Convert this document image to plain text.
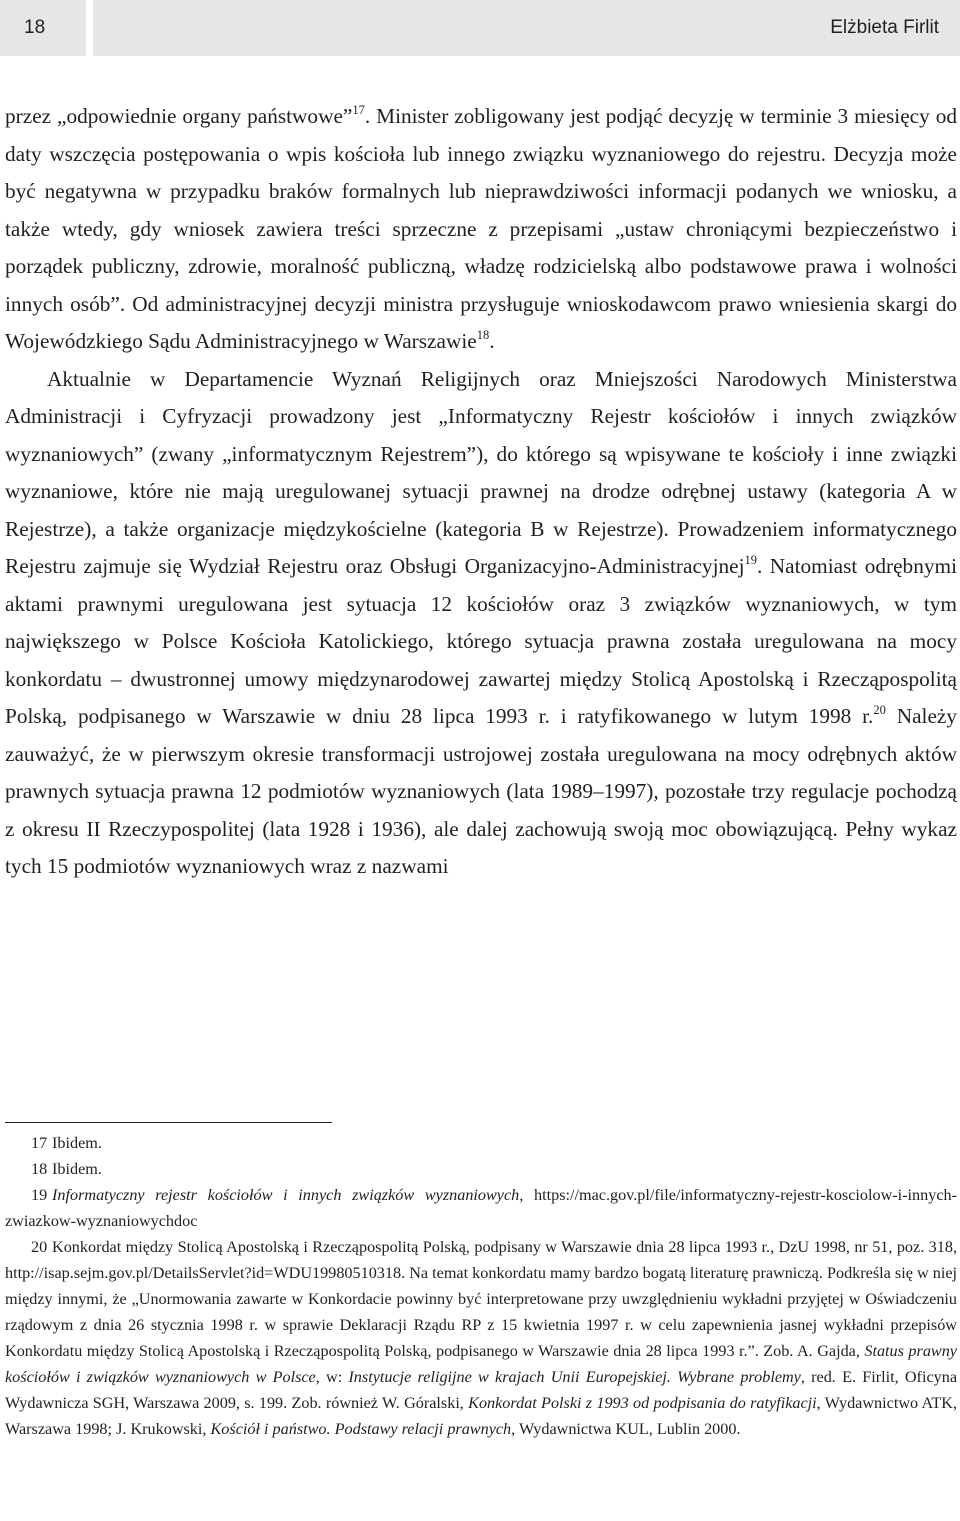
18	Elżbieta Firlit

przez „odpowiednie organy państwowe”$^{17}$. Minister zobligowany jest podjąć decyzję w terminie 3 miesięcy od daty wszczęcia postępowania o wpis kościoła lub innego związku wyznaniowego do rejestru. Decyzja może być negatywna w przypadku braków formalnych lub nieprawdziwości informacji podanych we wniosku, a także wtedy, gdy wniosek zawiera treści sprzeczne z przepisami „ustaw chroniącymi bezpieczeństwo i porządek publiczny, zdrowie, moralność publiczną, władzę rodzicielską albo podstawowe prawa i wolności innych osób”. Od administracyjnej decyzji ministra przysługuje wnioskodawcom prawo wniesienia skargi do Wojewódzkiego Sądu Administracyjnego w Warszawie$^{18}$.

Aktualnie w Departamencie Wyznań Religijnych oraz Mniejszości Narodowych Ministerstwa Administracji i Cyfryzacji prowadzony jest „Informatyczny Rejestr kościołów i innych związków wyznaniowych” (zwany „informatycznym Rejestrem”), do którego są wpisywane te kościoły i inne związki wyznaniowe, które nie mają uregulowanej sytuacji prawnej na drodze odrębnej ustawy (kategoria A w Rejestrze), a także organizacje międzykościelne (kategoria B w Rejestrze). Prowadzeniem informatycznego Rejestru zajmuje się Wydział Rejestru oraz Obsługi Organizacyjno-Administracyjnej$^{19}$. Natomiast odrębnymi aktami prawnymi uregulowana jest sytuacja 12 kościołów oraz 3 związków wyznaniowych, w tym największego w Polsce Kościoła Katolickiego, którego sytuacja prawna została uregulowana na mocy konkordatu – dwustronnej umowy międzynarodowej zawartej między Stolicą Apostolską i Rzecząpospolitą Polską, podpisanego w Warszawie w dniu 28 lipca 1993 r. i ratyfikowanego w lutym 1998 r.$^{20}$ Należy zauważyć, że w pierwszym okresie transformacji ustrojowej została uregulowana na mocy odrębnych aktów prawnych sytuacja prawna 12 podmiotów wyznaniowych (lata 1989–1997), pozostałe trzy regulacje pochodzą z okresu II Rzeczypospolitej (lata 1928 i 1936), ale dalej zachowują swoją moc obowiązującą. Pełny wykaz tych 15 podmiotów wyznaniowych wraz z nazwami

17 Ibidem.
18 Ibidem.
19 Informatyczny rejestr kościołów i innych związków wyznaniowych, https://mac.gov.pl/file/informatyczny-rejestr-kosciolow-i-innych-zwiazkow-wyznaniowychdoc
20 Konkordat między Stolicą Apostolską i Rzecząpospolitą Polską, podpisany w Warszawie dnia 28 lipca 1993 r., DzU 1998, nr 51, poz. 318, http://isap.sejm.gov.pl/DetailsServlet?id=WDU19980510318. Na temat konkordatu mamy bardzo bogatą literaturę prawniczą. Podkreśla się w niej między innymi, że „Unormowania zawarte w Konkordacie powinny być interpretowane przy uwzględnieniu wykładni przyjętej w Oświadczeniu rządowym z dnia 26 stycznia 1998 r. w sprawie Deklaracji Rządu RP z 15 kwietnia 1997 r. w celu zapewnienia jasnej wykładni przepisów Konkordatu między Stolicą Apostolską i Rzecząpospolitą Polską, podpisanego w Warszawie dnia 28 lipca 1993 r.”. Zob. A. Gajda, Status prawny kościołów i związków wyznaniowych w Polsce, w: Instytucje religijne w krajach Unii Europejskiej. Wybrane problemy, red. E. Firlit, Oficyna Wydawnicza SGH, Warszawa 2009, s. 199. Zob. również W. Góralski, Konkordat Polski z 1993 od podpisania do ratyfikacji, Wydawnictwo ATK, Warszawa 1998; J. Krukowski, Kościół i państwo. Podstawy relacji prawnych, Wydawnictwa KUL, Lublin 2000.
